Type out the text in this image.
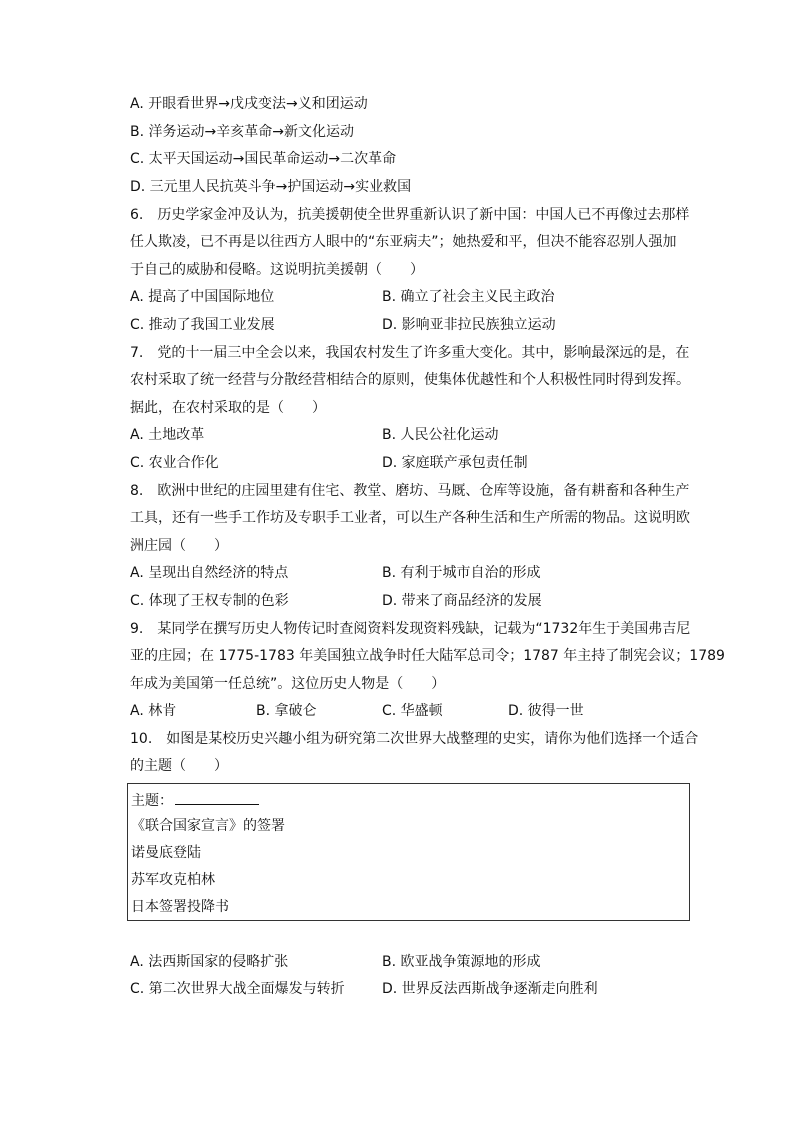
A. 开眼看世界→戊戌变法→义和团运动
B. 洋务运动→辛亥革命→新文化运动
C. 太平天国运动→国民革命运动→二次革命
D. 三元里人民抗英斗争→护国运动→实业救国
6.　历史学家金冲及认为，抗美援朝使全世界重新认识了新中国：中国人已不再像过去那样
任人欺凌，已不再是以往西方人眼中的“东亚病夫”；她热爱和平，但决不能容忍别人强加
于自己的威胁和侵略。这说明抗美援朝（　　）
A. 提高了中国国际地位	B. 确立了社会主义民主政治
C. 推动了我国工业发展	D. 影响亚非拉民族独立运动
7.　党的十一届三中全会以来，我国农村发生了许多重大变化。其中，影响最深远的是，在
农村采取了统一经营与分散经营相结合的原则，使集体优越性和个人积极性同时得到发挥。
据此，在农村采取的是（　　）
A. 土地改革	B. 人民公社化运动
C. 农业合作化	D. 家庭联产承包责任制
8.　欧洲中世纪的庄园里建有住宅、教堂、磨坊、马厩、仓库等设施，备有耕畜和各种生产
工具，还有一些手工作坊及专职手工业者，可以生产各种生活和生产所需的物品。这说明欧
洲庄园（　　）
A. 呈现出自然经济的特点	B. 有利于城市自治的形成
C. 体现了王权专制的色彩	D. 带来了商品经济的发展
9.　某同学在撰写历史人物传记时查阅资料发现资料残缺，记载为“1732年生于美国弗吉尼
亚的庄园；在 1775-1783 年美国独立战争时任大陆军总司令；1787 年主持了制宪会议；1789
年成为美国第一任总统”。这位历史人物是（　　）
A. 林肯	B. 拿破仑	C. 华盛顿	D. 彼得一世
10.　如图是某校历史兴趣小组为研究第二次世界大战整理的史实，请你为他们选择一个适合
的主题（　　）
主题：
《联合国家宣言》的签署
诺曼底登陆
苏军攻克柏林
日本签署投降书
A. 法西斯国家的侵略扩张	B. 欧亚战争策源地的形成
C. 第二次世界大战全面爆发与转折	D. 世界反法西斯战争逐渐走向胜利
